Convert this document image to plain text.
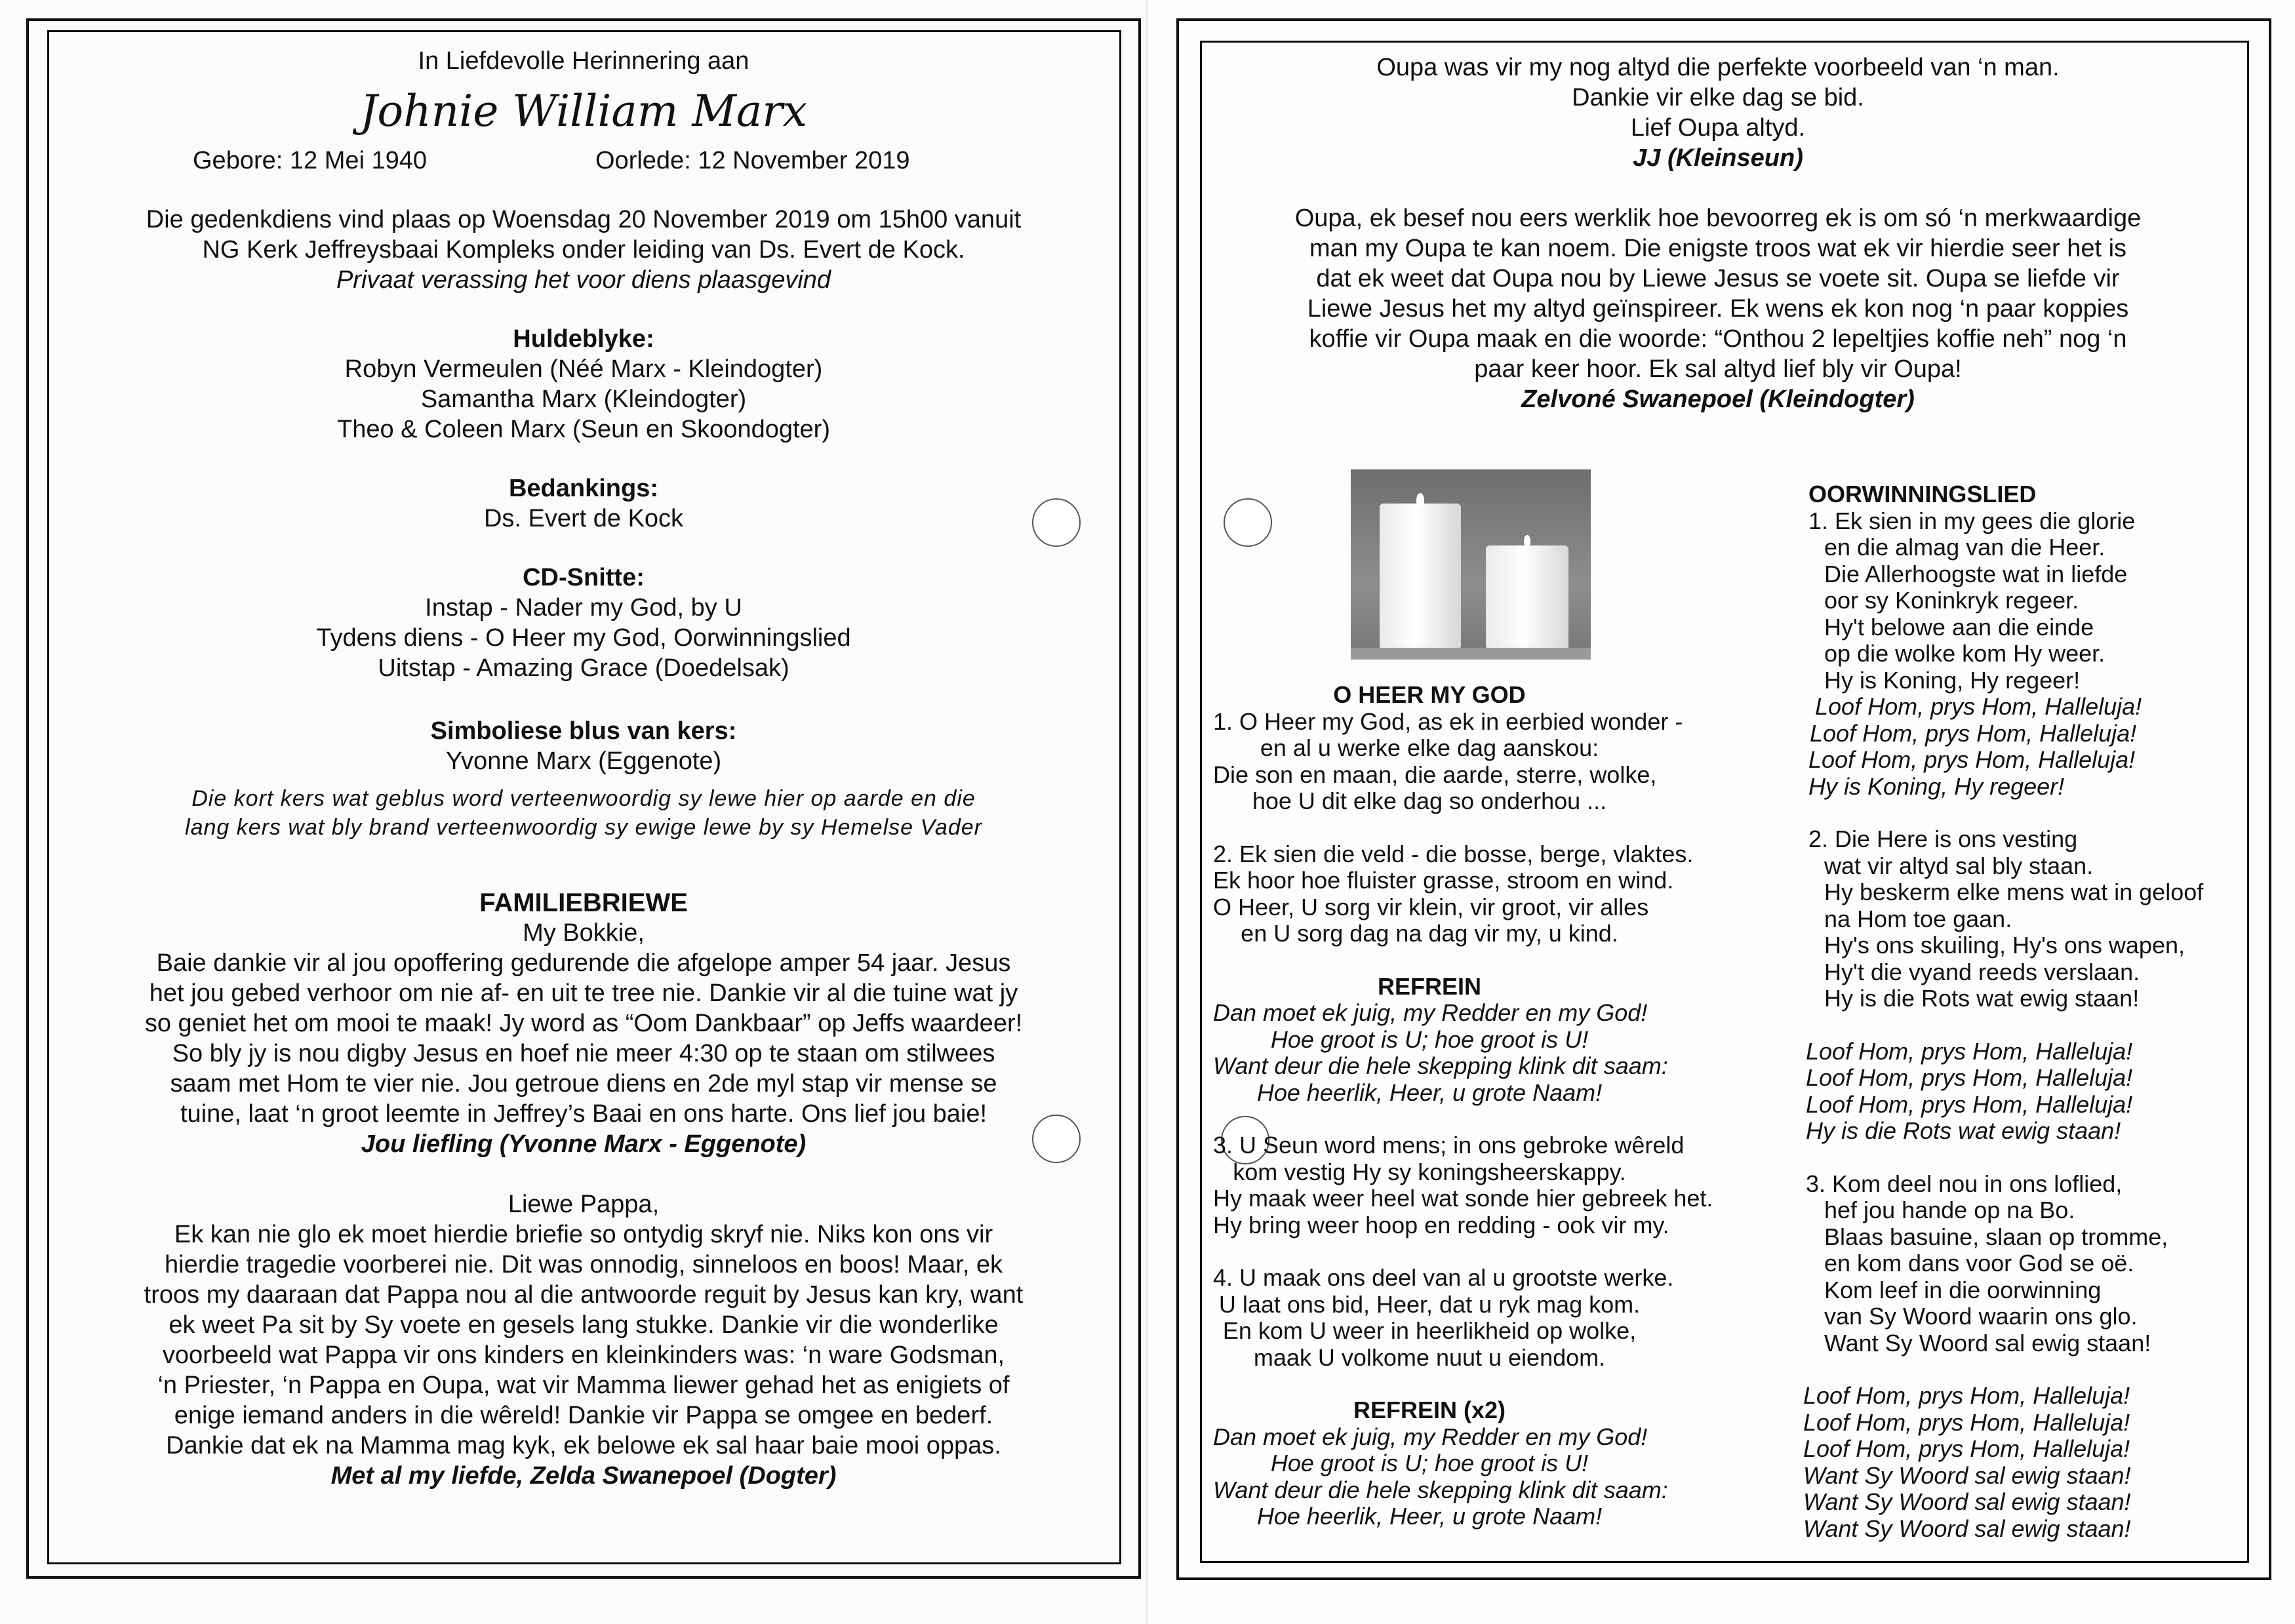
In Liefdevolle Herinnering aan
Johnie William Marx
Gebore: 12 Mei 1940	Oorlede: 12 November 2019
Die gedenkdiens vind plaas op Woensdag 20 November 2019 om 15h00 vanuit
NG Kerk Jeffreysbaai Kompleks onder leiding van Ds. Evert de Kock.
Privaat verassing het voor diens plaasgevind
Huldeblyke:
Robyn Vermeulen (Néé Marx - Kleindogter)
Samantha Marx (Kleindogter)
Theo & Coleen Marx (Seun en Skoondogter)
Bedankings:
Ds. Evert de Kock
CD-Snitte:
Instap - Nader my God, by U
Tydens diens - O Heer my God, Oorwinningslied
Uitstap - Amazing Grace (Doedelsak)
Simboliese blus van kers:
Yvonne Marx (Eggenote)
Die kort kers wat geblus word verteenwoordig sy lewe hier op aarde en die
lang kers wat bly brand verteenwoordig sy ewige lewe by sy Hemelse Vader
FAMILIEBRIEWE
My Bokkie,
Baie dankie vir al jou opoffering gedurende die afgelope amper 54 jaar. Jesus
het jou gebed verhoor om nie af- en uit te tree nie. Dankie vir al die tuine wat jy
so geniet het om mooi te maak! Jy word as “Oom Dankbaar” op Jeffs waardeer!
So bly jy is nou digby Jesus en hoef nie meer 4:30 op te staan om stilwees
saam met Hom te vier nie. Jou getroue diens en 2de myl stap vir mense se
tuine, laat ‘n groot leemte in Jeffrey’s Baai en ons harte. Ons lief jou baie!
Jou liefling (Yvonne Marx - Eggenote)
Liewe Pappa,
Ek kan nie glo ek moet hierdie briefie so ontydig skryf nie. Niks kon ons vir
hierdie tragedie voorberei nie. Dit was onnodig, sinneloos en boos! Maar, ek
troos my daaraan dat Pappa nou al die antwoorde reguit by Jesus kan kry, want
ek weet Pa sit by Sy voete en gesels lang stukke. Dankie vir die wonderlike
voorbeeld wat Pappa vir ons kinders en kleinkinders was: ‘n ware Godsman,
‘n Priester, ‘n Pappa en Oupa, wat vir Mamma liewer gehad het as enigiets of
enige iemand anders in die wêreld! Dankie vir Pappa se omgee en bederf.
Dankie dat ek na Mamma mag kyk, ek belowe ek sal haar baie mooi oppas.
Met al my liefde, Zelda Swanepoel (Dogter)
Oupa was vir my nog altyd die perfekte voorbeeld van ‘n man.
Dankie vir elke dag se bid.
Lief Oupa altyd.
JJ (Kleinseun)
Oupa, ek besef nou eers werklik hoe bevoorreg ek is om só ‘n merkwaardige
man my Oupa te kan noem. Die enigste troos wat ek vir hierdie seer het is
dat ek weet dat Oupa nou by Liewe Jesus se voete sit. Oupa se liefde vir
Liewe Jesus het my altyd geïnspireer. Ek wens ek kon nog ‘n paar koppies
koffie vir Oupa maak en die woorde: “Onthou 2 lepeltjies koffie neh” nog ‘n
paar keer hoor. Ek sal altyd lief bly vir Oupa!
Zelvoné Swanepoel (Kleindogter)
O HEER MY GOD
1. O Heer my God, as ek in eerbied wonder -
en al u werke elke dag aanskou:
Die son en maan, die aarde, sterre, wolke,
hoe U dit elke dag so onderhou ...
2. Ek sien die veld - die bosse, berge, vlaktes.
Ek hoor hoe fluister grasse, stroom en wind.
O Heer, U sorg vir klein, vir groot, vir alles
en U sorg dag na dag vir my, u kind.
REFREIN
Dan moet ek juig, my Redder en my God!
Hoe groot is U; hoe groot is U!
Want deur die hele skepping klink dit saam:
Hoe heerlik, Heer, u grote Naam!
3. U Seun word mens; in ons gebroke wêreld
kom vestig Hy sy koningsheerskappy.
Hy maak weer heel wat sonde hier gebreek het.
Hy bring weer hoop en redding - ook vir my.
4. U maak ons deel van al u grootste werke.
U laat ons bid, Heer, dat u ryk mag kom.
En kom U weer in heerlikheid op wolke,
maak U volkome nuut u eiendom.
REFREIN (x2)
Dan moet ek juig, my Redder en my God!
Hoe groot is U; hoe groot is U!
Want deur die hele skepping klink dit saam:
Hoe heerlik, Heer, u grote Naam!
OORWINNINGSLIED
1. Ek sien in my gees die glorie
en die almag van die Heer.
Die Allerhoogste wat in liefde
oor sy Koninkryk regeer.
Hy't belowe aan die einde
op die wolke kom Hy weer.
Hy is Koning, Hy regeer!
Loof Hom, prys Hom, Halleluja!
Loof Hom, prys Hom, Halleluja!
Loof Hom, prys Hom, Halleluja!
Hy is Koning, Hy regeer!
2. Die Here is ons vesting
wat vir altyd sal bly staan.
Hy beskerm elke mens wat in geloof
na Hom toe gaan.
Hy's ons skuiling, Hy's ons wapen,
Hy't die vyand reeds verslaan.
Hy is die Rots wat ewig staan!
Loof Hom, prys Hom, Halleluja!
Loof Hom, prys Hom, Halleluja!
Loof Hom, prys Hom, Halleluja!
Hy is die Rots wat ewig staan!
3. Kom deel nou in ons loflied,
hef jou hande op na Bo.
Blaas basuine, slaan op tromme,
en kom dans voor God se oë.
Kom leef in die oorwinning
van Sy Woord waarin ons glo.
Want Sy Woord sal ewig staan!
Loof Hom, prys Hom, Halleluja!
Loof Hom, prys Hom, Halleluja!
Loof Hom, prys Hom, Halleluja!
Want Sy Woord sal ewig staan!
Want Sy Woord sal ewig staan!
Want Sy Woord sal ewig staan!
